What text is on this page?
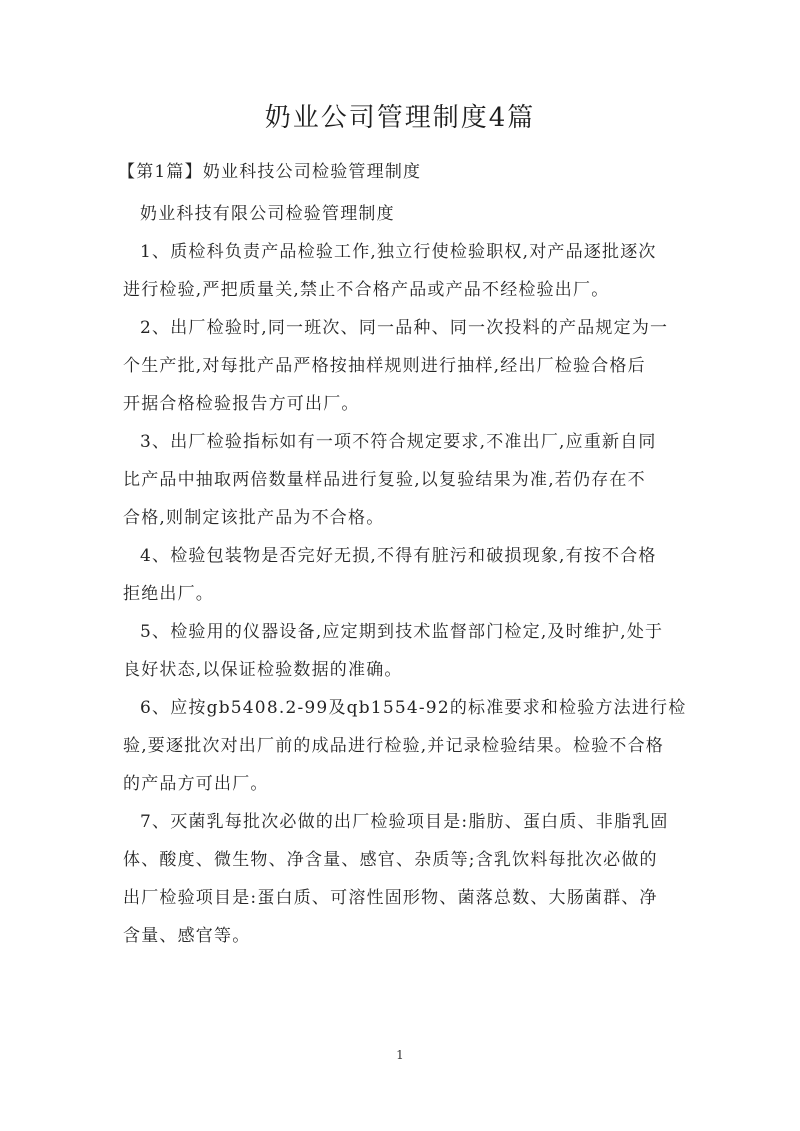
奶业公司管理制度4篇

【第1篇】奶业科技公司检验管理制度

奶业科技有限公司检验管理制度

1、质检科负责产品检验工作,独立行使检验职权,对产品逐批逐次
进行检验,严把质量关,禁止不合格产品或产品不经检验出厂。

2、出厂检验时,同一班次、同一品种、同一次投料的产品规定为一
个生产批,对每批产品严格按抽样规则进行抽样,经出厂检验合格后
开据合格检验报告方可出厂。

3、出厂检验指标如有一项不符合规定要求,不准出厂,应重新自同
比产品中抽取两倍数量样品进行复验,以复验结果为准,若仍存在不
合格,则制定该批产品为不合格。

4、检验包装物是否完好无损,不得有脏污和破损现象,有按不合格
拒绝出厂。

5、检验用的仪器设备,应定期到技术监督部门检定,及时维护,处于
良好状态,以保证检验数据的准确。

6、应按gb5408.2-99及qb1554-92的标准要求和检验方法进行检
验,要逐批次对出厂前的成品进行检验,并记录检验结果。检验不合格
的产品方可出厂。

7、灭菌乳每批次必做的出厂检验项目是:脂肪、蛋白质、非脂乳固
体、酸度、微生物、净含量、感官、杂质等;含乳饮料每批次必做的
出厂检验项目是:蛋白质、可溶性固形物、菌落总数、大肠菌群、净
含量、感官等。

1
